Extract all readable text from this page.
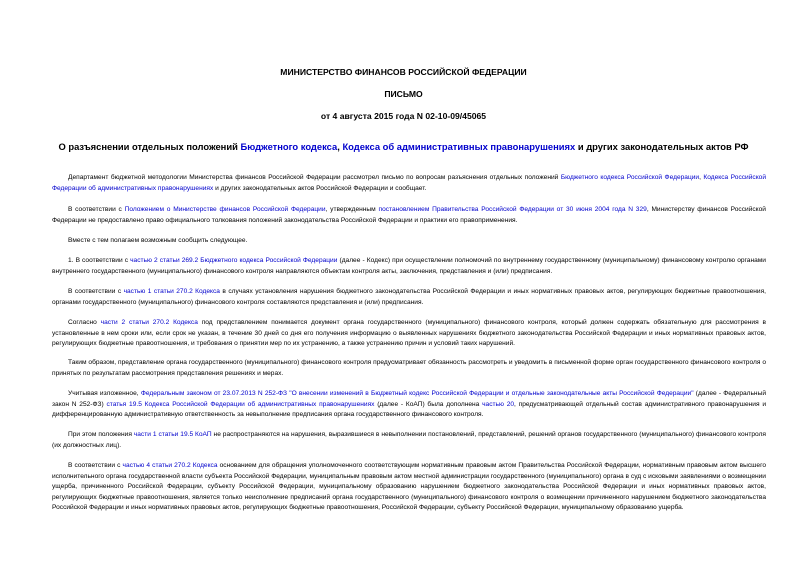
МИНИСТЕРСТВО ФИНАНСОВ РОССИЙСКОЙ ФЕДЕРАЦИИ
ПИСЬМО
от 4 августа 2015 года N 02-10-09/45065
О разъяснении отдельных положений Бюджетного кодекса, Кодекса об административных правонарушениях и других законодательных актов РФ
Департамент бюджетной методологии Министерства финансов Российской Федерации рассмотрел письмо по вопросам разъяснения отдельных положений Бюджетного кодекса Российской Федерации, Кодекса Российской Федерации об административных правонарушениях и других законодательных актов Российской Федерации и сообщает.
В соответствии с Положением о Министерстве финансов Российской Федерации, утвержденным постановлением Правительства Российской Федерации от 30 июня 2004 года N 329, Министерству финансов Российской Федерации не предоставлено право официального толкования положений законодательства Российской Федерации и практики его правоприменения.
Вместе с тем полагаем возможным сообщить следующее.
1. В соответствии с частью 2 статьи 269.2 Бюджетного кодекса Российской Федерации (далее - Кодекс) при осуществлении полномочий по внутреннему государственному (муниципальному) финансовому контролю органами внутреннего государственного (муниципального) финансового контроля направляются объектам контроля акты, заключения, представления и (или) предписания.
В соответствии с частью 1 статьи 270.2 Кодекса в случаях установления нарушения бюджетного законодательства Российской Федерации и иных нормативных правовых актов, регулирующих бюджетные правоотношения, органами государственного (муниципального) финансового контроля составляются представления и (или) предписания.
Согласно части 2 статьи 270.2 Кодекса под представлением понимается документ органа государственного (муниципального) финансового контроля, который должен содержать обязательную для рассмотрения в установленные в нем сроки или, если срок не указан, в течение 30 дней со дня его получения информацию о выявленных нарушениях бюджетного законодательства Российской Федерации и иных нормативных правовых актов, регулирующих бюджетные правоотношения, и требования о принятии мер по их устранению, а также устранению причин и условий таких нарушений.
Таким образом, представление органа государственного (муниципального) финансового контроля предусматривает обязанность рассмотреть и уведомить в письменной форме орган государственного финансового контроля о принятых по результатам рассмотрения представления решениях и мерах.
Учитывая изложенное, Федеральным законом от 23.07.2013 N 252-ФЗ "О внесении изменений в Бюджетный кодекс Российской Федерации и отдельные законодательные акты Российской Федерации" (далее - Федеральный закон N 252-ФЗ) статья 19.5 Кодекса Российской Федерации об административных правонарушениях (далее - КоАП) была дополнена частью 20, предусматривающей отдельный состав административного правонарушения и дифференцированную административную ответственность за невыполнение предписания органа государственного финансового контроля.
При этом положения части 1 статьи 19.5 КоАП не распространяются на нарушения, выразившиеся в невыполнении постановлений, представлений, решений органов государственного (муниципального) финансового контроля (их должностных лиц).
В соответствии с частью 4 статьи 270.2 Кодекса основанием для обращения уполномоченного соответствующим нормативным правовым актом Правительства Российской Федерации, нормативным правовым актом высшего исполнительного органа государственной власти субъекта Российской Федерации, муниципальным правовым актом местной администрации государственного (муниципального) органа в суд с исковыми заявлениями о возмещении ущерба, причиненного Российской Федерации, субъекту Российской Федерации, муниципальному образованию нарушением бюджетного законодательства Российской Федерации и иных нормативных правовых актов, регулирующих бюджетные правоотношения, является только неисполнение предписаний органа государственного (муниципального) финансового контроля о возмещении причиненного нарушением бюджетного законодательства Российской Федерации и иных нормативных правовых актов, регулирующих бюджетные правоотношения, Российской Федерации, субъекту Российской Федерации, муниципальному образованию ущерба.
